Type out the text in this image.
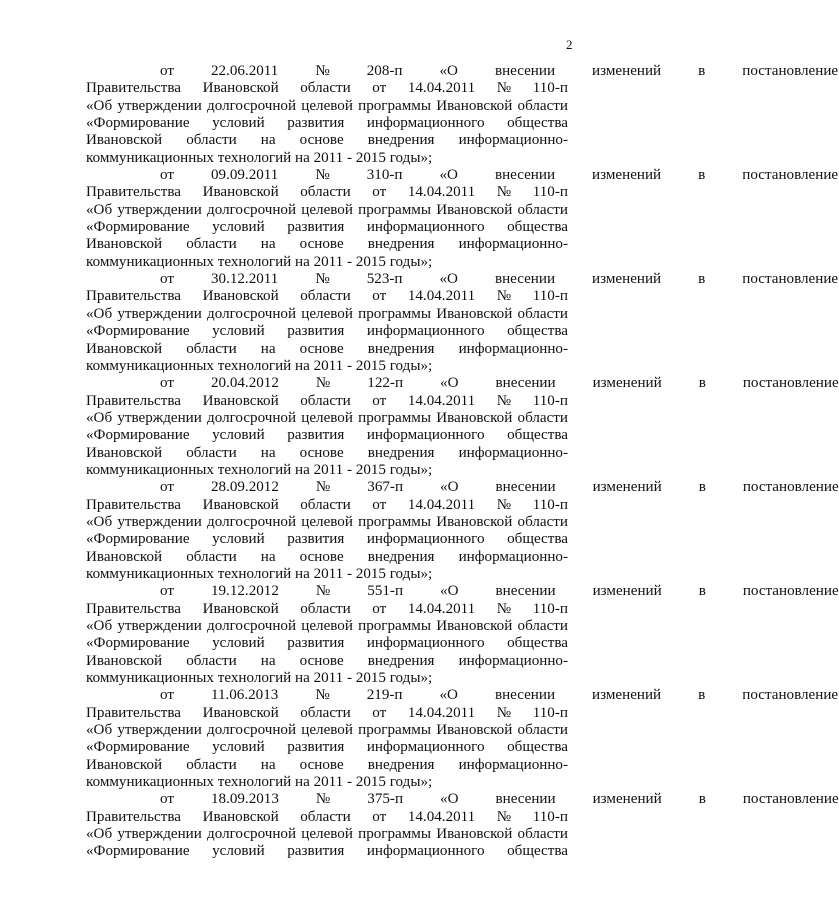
2
от	22.06.2011	№	208-п	«О	внесении	изменений	в	постановление
Правительства Ивановской области от 14.04.2011 № 110-п
«Об утверждении долгосрочной целевой программы Ивановской области
«Формирование условий развития информационного общества
Ивановской области на основе внедрения информационно-
коммуникационных технологий на 2011 - 2015 годы»;
от	09.09.2011	№	310-п	«О	внесении	изменений	в	постановление
Правительства Ивановской области от 14.04.2011 № 110-п
«Об утверждении долгосрочной целевой программы Ивановской области
«Формирование условий развития информационного общества
Ивановской области на основе внедрения информационно-
коммуникационных технологий на 2011 - 2015 годы»;
от	30.12.2011	№	523-п	«О	внесении	изменений	в	постановление
Правительства Ивановской области от 14.04.2011 № 110-п
«Об утверждении долгосрочной целевой программы Ивановской области
«Формирование условий развития информационного общества
Ивановской области на основе внедрения информационно-
коммуникационных технологий на 2011 - 2015 годы»;
от	20.04.2012	№	122-п	«О	внесении	изменений	в	постановление
Правительства Ивановской области от 14.04.2011 № 110-п
«Об утверждении долгосрочной целевой программы Ивановской области
«Формирование условий развития информационного общества
Ивановской области на основе внедрения информационно-
коммуникационных технологий на 2011 - 2015 годы»;
от	28.09.2012	№	367-п	«О	внесении	изменений	в	постановление
Правительства Ивановской области от 14.04.2011 № 110-п
«Об утверждении долгосрочной целевой программы Ивановской области
«Формирование условий развития информационного общества
Ивановской области на основе внедрения информационно-
коммуникационных технологий на 2011 - 2015 годы»;
от	19.12.2012	№	551-п	«О	внесении	изменений	в	постановление
Правительства Ивановской области от 14.04.2011 № 110-п
«Об утверждении долгосрочной целевой программы Ивановской области
«Формирование условий развития информационного общества
Ивановской области на основе внедрения информационно-
коммуникационных технологий на 2011 - 2015 годы»;
от	11.06.2013	№	219-п	«О	внесении	изменений	в	постановление
Правительства Ивановской области от 14.04.2011 № 110-п
«Об утверждении долгосрочной целевой программы Ивановской области
«Формирование условий развития информационного общества
Ивановской области на основе внедрения информационно-
коммуникационных технологий на 2011 - 2015 годы»;
от	18.09.2013	№	375-п	«О	внесении	изменений	в	постановление
Правительства Ивановской области от 14.04.2011 № 110-п
«Об утверждении долгосрочной целевой программы Ивановской области
«Формирование условий развития информационного общества
